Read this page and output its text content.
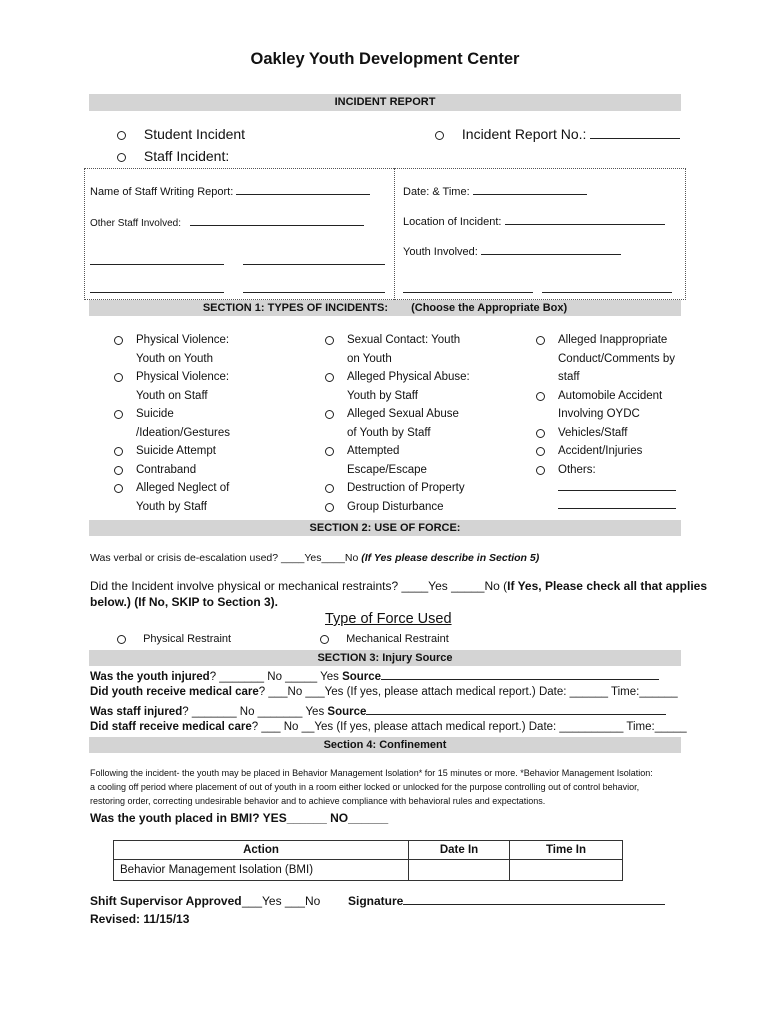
Oakley Youth Development Center
INCIDENT REPORT
Student Incident
Staff Incident:
Incident Report No.:
Name of Staff Writing Report:
Other Staff Involved:

Date: & Time:
Location of Incident:
Youth Involved:

SECTION 1: TYPES OF INCIDENTS: (Choose the Appropriate Box)
Physical Violence:
Youth on Youth
Physical Violence:
Youth on Staff
Suicide
/Ideation/Gestures
Suicide Attempt
Contraband
Alleged Neglect of
Youth by Staff
Sexual Contact: Youth
on Youth
Alleged Physical Abuse:
Youth by Staff
Alleged Sexual Abuse
of Youth by Staff
Attempted
Escape/Escape
Destruction of Property
Group Disturbance
Alleged Inappropriate
Conduct/Comments by
staff
Automobile Accident
Involving OYDC
Vehicles/Staff
Accident/Injuries
Others:
SECTION 2: USE OF FORCE:
Was verbal or crisis de-escalation used? ____Yes____No (If Yes please describe in Section 5)
Did the Incident involve physical or mechanical restraints? ____Yes _____No (If Yes, Please check all that applies
below.) (If No, SKIP to Section 3).
Type of Force Used
Physical Restraint	Mechanical Restraint
SECTION 3: Injury Source
Was the youth injured? _______ No _____ Yes Source
Did youth receive medical care? ___No ___Yes (If yes, please attach medical report.) Date: ______ Time:______
Was staff injured? _______ No _______ Yes Source
Did staff receive medical care? ___ No __Yes (If yes, please attach medical report.) Date: __________ Time:_____
Section 4: Confinement
Following the incident- the youth may be placed in Behavior Management Isolation* for 15 minutes or more. *Behavior Management Isolation:
a cooling off period where placement of out of youth in a room either locked or unlocked for the purpose controlling out of control behavior,
restoring order, correcting undesirable behavior and to achieve compliance with behavioral rules and expectations.
Was the youth placed in BMI? YES______ NO______
Action	Date In	Time In
Behavior Management Isolation (BMI)		
Shift Supervisor Approved ___Yes ___No Signature
Revised: 11/15/13
